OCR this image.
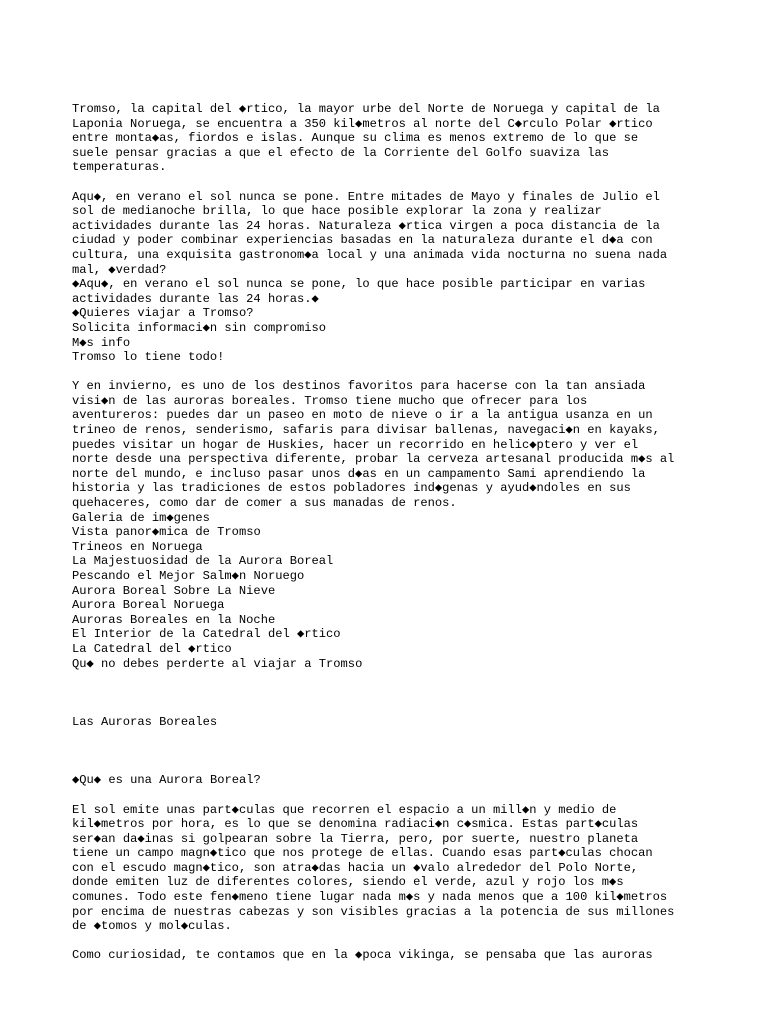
Tromso, la capital del ◆rtico, la mayor urbe del Norte de Noruega y capital de la
Laponia Noruega, se encuentra a 350 kil◆metros al norte del C◆rculo Polar ◆rtico
entre monta◆as, fiordos e islas. Aunque su clima es menos extremo de lo que se
suele pensar gracias a que el efecto de la Corriente del Golfo suaviza las
temperaturas.

Aqu◆, en verano el sol nunca se pone. Entre mitades de Mayo y finales de Julio el
sol de medianoche brilla, lo que hace posible explorar la zona y realizar
actividades durante las 24 horas. Naturaleza ◆rtica virgen a poca distancia de la
ciudad y poder combinar experiencias basadas en la naturaleza durante el d◆a con
cultura, una exquisita gastronom◆a local y una animada vida nocturna no suena nada
mal, ◆verdad?
◆Aqu◆, en verano el sol nunca se pone, lo que hace posible participar en varias
actividades durante las 24 horas.◆
◆Quieres viajar a Tromso?
Solicita informaci◆n sin compromiso
M◆s info
Tromso lo tiene todo!

Y en invierno, es uno de los destinos favoritos para hacerse con la tan ansiada
visi◆n de las auroras boreales. Tromso tiene mucho que ofrecer para los
aventureros: puedes dar un paseo en moto de nieve o ir a la antigua usanza en un
trineo de renos, senderismo, safaris para divisar ballenas, navegaci◆n en kayaks,
puedes visitar un hogar de Huskies, hacer un recorrido en helic◆ptero y ver el
norte desde una perspectiva diferente, probar la cerveza artesanal producida m◆s al
norte del mundo, e incluso pasar unos d◆as en un campamento Sami aprendiendo la
historia y las tradiciones de estos pobladores ind◆genas y ayud◆ndoles en sus
quehaceres, como dar de comer a sus manadas de renos.
Galeria de im◆genes
Vista panor◆mica de Tromso
Trineos en Noruega
La Majestuosidad de la Aurora Boreal
Pescando el Mejor Salm◆n Noruego
Aurora Boreal Sobre La Nieve
Aurora Boreal Noruega
Auroras Boreales en la Noche
El Interior de la Catedral del ◆rtico
La Catedral del ◆rtico
Qu◆ no debes perderte al viajar a Tromso

Las Auroras Boreales

◆Qu◆ es una Aurora Boreal?

El sol emite unas part◆culas que recorren el espacio a un mill◆n y medio de
kil◆metros por hora, es lo que se denomina radiaci◆n c◆smica. Estas part◆culas
ser◆an da◆inas si golpearan sobre la Tierra, pero, por suerte, nuestro planeta
tiene un campo magn◆tico que nos protege de ellas. Cuando esas part◆culas chocan
con el escudo magn◆tico, son atra◆das hacia un ◆valo alrededor del Polo Norte,
donde emiten luz de diferentes colores, siendo el verde, azul y rojo los m◆s
comunes. Todo este fen◆meno tiene lugar nada m◆s y nada menos que a 100 kil◆metros
por encima de nuestras cabezas y son visibles gracias a la potencia de sus millones
de ◆tomos y mol◆culas.

Como curiosidad, te contamos que en la ◆poca vikinga, se pensaba que las auroras
